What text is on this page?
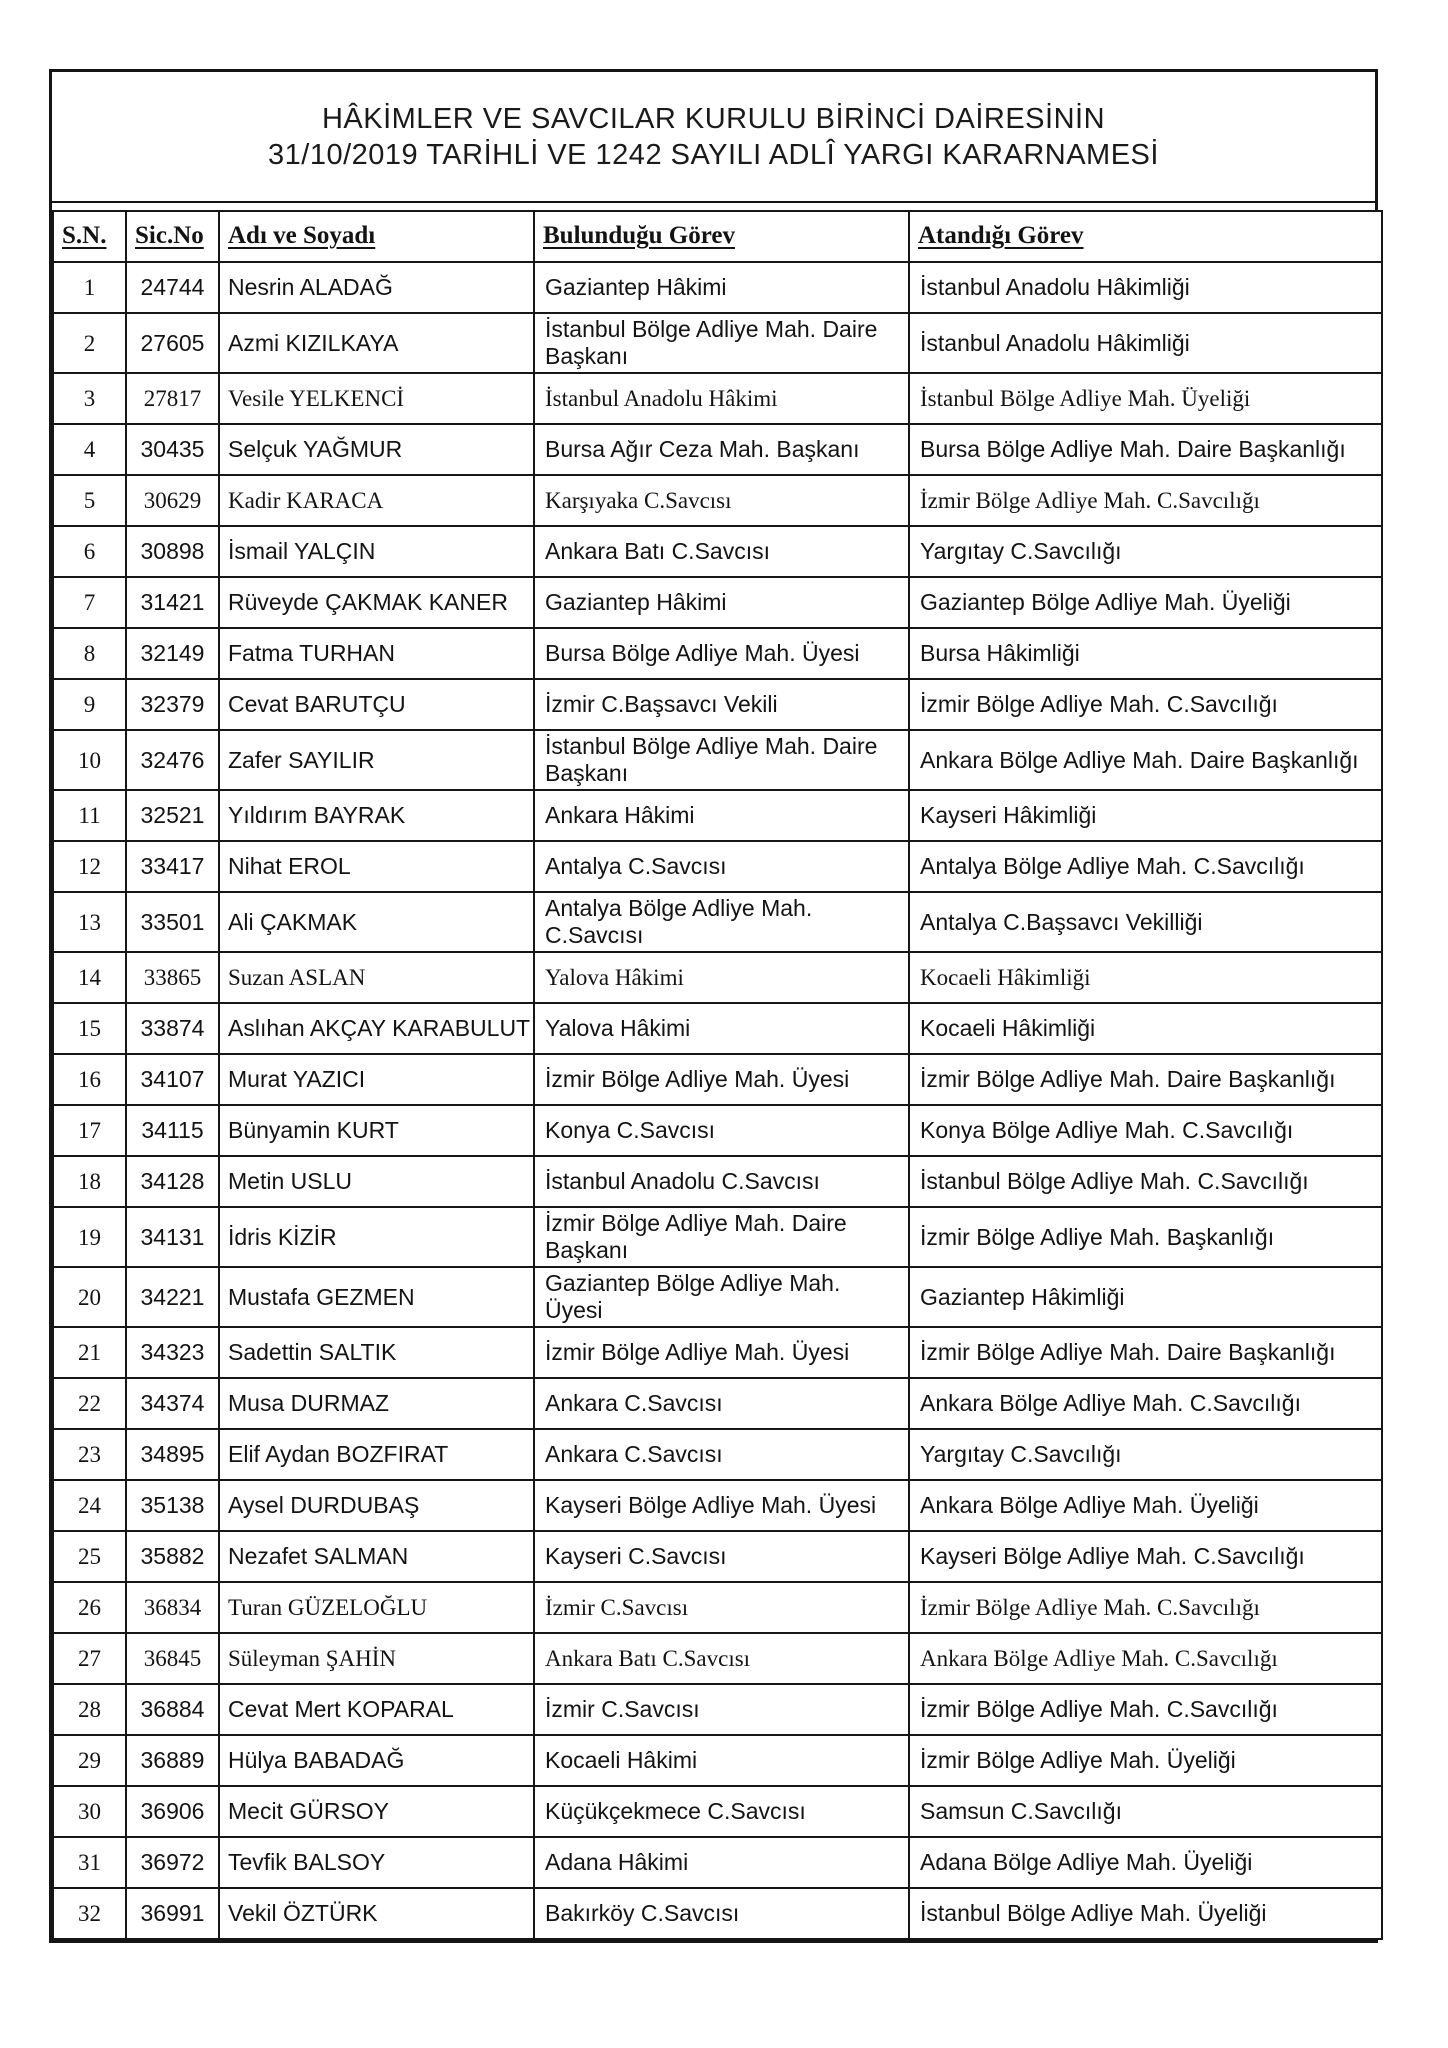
HÂKİMLER VE SAVCILAR KURULU BİRİNCİ DAİRESİNİN
31/10/2019 TARİHLİ VE 1242 SAYILI ADLÎ YARGI KARARNAMESİ
S.N.	Sic.No	Adı ve Soyadı	Bulunduğu Görev	Atandığı Görev
1	24744	Nesrin ALADAĞ	Gaziantep Hâkimi	İstanbul Anadolu Hâkimliği
2	27605	Azmi KIZILKAYA	İstanbul Bölge Adliye Mah. Daire Başkanı	İstanbul Anadolu Hâkimliği
3	27817	Vesile YELKENCİ	İstanbul Anadolu Hâkimi	İstanbul Bölge Adliye Mah. Üyeliği
4	30435	Selçuk YAĞMUR	Bursa Ağır Ceza Mah. Başkanı	Bursa Bölge Adliye Mah. Daire Başkanlığı
5	30629	Kadir KARACA	Karşıyaka C.Savcısı	İzmir Bölge Adliye Mah. C.Savcılığı
6	30898	İsmail YALÇIN	Ankara Batı C.Savcısı	Yargıtay C.Savcılığı
7	31421	Rüveyde ÇAKMAK KANER	Gaziantep Hâkimi	Gaziantep Bölge Adliye Mah. Üyeliği
8	32149	Fatma TURHAN	Bursa Bölge Adliye Mah. Üyesi	Bursa Hâkimliği
9	32379	Cevat BARUTÇU	İzmir C.Başsavcı Vekili	İzmir Bölge Adliye Mah. C.Savcılığı
10	32476	Zafer SAYILIR	İstanbul Bölge Adliye Mah. Daire Başkanı	Ankara Bölge Adliye Mah. Daire Başkanlığı
11	32521	Yıldırım BAYRAK	Ankara Hâkimi	Kayseri Hâkimliği
12	33417	Nihat EROL	Antalya C.Savcısı	Antalya Bölge Adliye Mah. C.Savcılığı
13	33501	Ali ÇAKMAK	Antalya Bölge Adliye Mah. C.Savcısı	Antalya C.Başsavcı Vekilliği
14	33865	Suzan ASLAN	Yalova Hâkimi	Kocaeli Hâkimliği
15	33874	Aslıhan AKÇAY KARABULUT	Yalova Hâkimi	Kocaeli Hâkimliği
16	34107	Murat YAZICI	İzmir Bölge Adliye Mah. Üyesi	İzmir Bölge Adliye Mah. Daire Başkanlığı
17	34115	Bünyamin KURT	Konya C.Savcısı	Konya Bölge Adliye Mah. C.Savcılığı
18	34128	Metin USLU	İstanbul Anadolu C.Savcısı	İstanbul Bölge Adliye Mah. C.Savcılığı
19	34131	İdris KİZİR	İzmir Bölge Adliye Mah. Daire Başkanı	İzmir Bölge Adliye Mah. Başkanlığı
20	34221	Mustafa GEZMEN	Gaziantep Bölge Adliye Mah. Üyesi	Gaziantep Hâkimliği
21	34323	Sadettin SALTIK	İzmir Bölge Adliye Mah. Üyesi	İzmir Bölge Adliye Mah. Daire Başkanlığı
22	34374	Musa DURMAZ	Ankara C.Savcısı	Ankara Bölge Adliye Mah. C.Savcılığı
23	34895	Elif Aydan BOZFIRAT	Ankara C.Savcısı	Yargıtay C.Savcılığı
24	35138	Aysel DURDUBAŞ	Kayseri Bölge Adliye Mah. Üyesi	Ankara Bölge Adliye Mah. Üyeliği
25	35882	Nezafet SALMAN	Kayseri C.Savcısı	Kayseri Bölge Adliye Mah. C.Savcılığı
26	36834	Turan GÜZELOĞLU	İzmir C.Savcısı	İzmir Bölge Adliye Mah. C.Savcılığı
27	36845	Süleyman ŞAHİN	Ankara Batı C.Savcısı	Ankara Bölge Adliye Mah. C.Savcılığı
28	36884	Cevat Mert KOPARAL	İzmir C.Savcısı	İzmir Bölge Adliye Mah. C.Savcılığı
29	36889	Hülya BABADAĞ	Kocaeli Hâkimi	İzmir Bölge Adliye Mah. Üyeliği
30	36906	Mecit GÜRSOY	Küçükçekmece C.Savcısı	Samsun C.Savcılığı
31	36972	Tevfik BALSOY	Adana Hâkimi	Adana Bölge Adliye Mah. Üyeliği
32	36991	Vekil ÖZTÜRK	Bakırköy C.Savcısı	İstanbul Bölge Adliye Mah. Üyeliği
